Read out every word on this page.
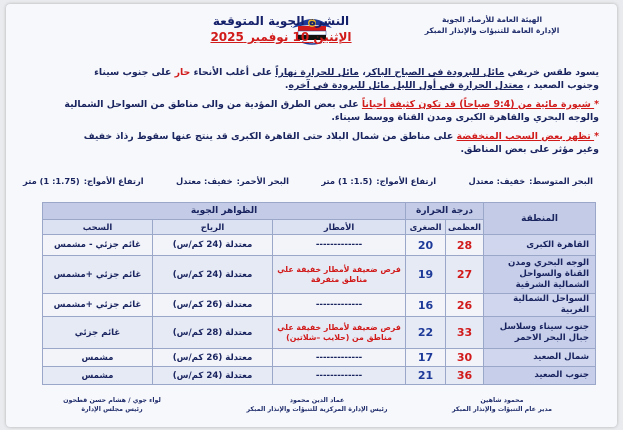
الهيئة العامة للأرصاد الجوية
الإدارة العامة للتنبؤات والإنذار المبكر
النشرة الجوية المتوقعة
الإثنين 10 نوفمبر 2025
يسود طقس خريفي مائل للبرودة في الصباح الباكر، مائل للحرارة نهاراً على أغلب الأنحاء حار على جنوب سيناء
وجنوب الصعيد ، معتدل الحرارة في أول الليل مائل للبرودة في آخره.
* شبورة مائية من (9:4 صباحاً) قد تكون كثيفة أحياناً على بعض الطرق المؤدية من والى مناطق من السواحل الشمالية
والوجه البحري والقاهرة الكبرى ومدن القناة ووسط سيناء.
* تظهر بعض السحب المنخفضة على مناطق من شمال البلاد حتى القاهرة الكبرى قد ينتج عنها سقوط رذاذ خفيف
وغير مؤثر على بعض المناطق.
البحر المتوسط:
خفيف: معتدل
ارتفاع الأمواج:
(1.5: 1) متر
البحر الأحمر:
خفيف: معتدل
ارتفاع الأمواج:
(1.75: 1) متر
المنطقة	درجة الحرارة		الظواهر الجوية		
	العظمى	الصغرى	الأمطار	الرياح	السحب
القاهرة الكبرى	28	20	-------------	معتدلة (24 كم/س)	غائم جزئي - مشمس
الوجه البحري ومدن القناة والسواحل الشمالية الشرقية	27	19	فرص ضعيفة لأمطار خفيفة علي مناطق متفرقة	معتدلة (24 كم/س)	غائم جزئي +مشمس
السواحل الشمالية الغربية	26	16	-------------	معتدلة (26 كم/س)	غائم جزئي +مشمس
جنوب سيناء وسلاسل جبال البحر الاحمر	33	22	فرص ضعيفة لأمطار خفيفة علي مناطق من (حلايب –شلاتين)	معتدلة (28 كم/س)	غائم جزئي
شمال الصعيد	30	17	-------------	معتدلة (26 كم/س)	مشمس
جنوب الصعيد	36	21	-------------	معتدلة (24 كم/س)	مشمس
محمود شاهين
مدير عام التنبؤات والإنذار المبكر
عماد الدين محمود
رئيس الإدارة المركزية للتنبؤات والإنذار المبكر
لواء جوي / هشام حسن قطحون
رئيس مجلس الإدارة
